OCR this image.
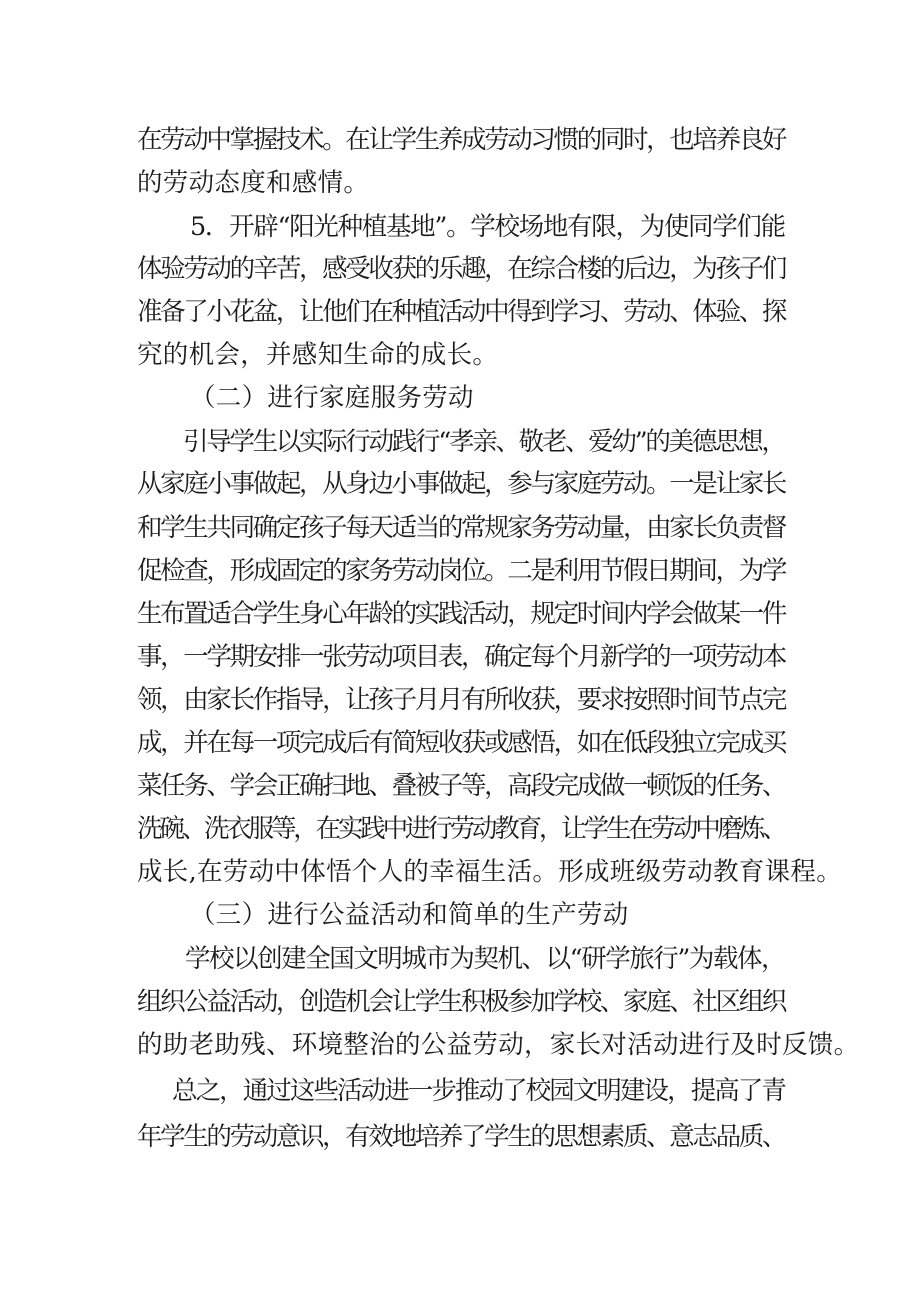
在劳动中掌握技术。在让学生养成劳动习惯的同时，也培养良好
的劳动态度和感情。
5．开辟“阳光种植基地”。学校场地有限，为使同学们能
体验劳动的辛苦，感受收获的乐趣，在综合楼的后边，为孩子们
准备了小花盆，让他们在种植活动中得到学习、劳动、体验、探
究的机会，并感知生命的成长。
（二）进行家庭服务劳动
引导学生以实际行动践行“孝亲、敬老、爱幼”的美德思想，
从家庭小事做起，从身边小事做起，参与家庭劳动。一是让家长
和学生共同确定孩子每天适当的常规家务劳动量，由家长负责督
促检查，形成固定的家务劳动岗位。二是利用节假日期间，为学
生布置适合学生身心年龄的实践活动，规定时间内学会做某一件
事，一学期安排一张劳动项目表，确定每个月新学的一项劳动本
领，由家长作指导，让孩子月月有所收获，要求按照时间节点完
成，并在每一项完成后有简短收获或感悟，如在低段独立完成买
菜任务、学会正确扫地、叠被子等，高段完成做一顿饭的任务、
洗碗、洗衣服等，在实践中进行劳动教育，让学生在劳动中磨炼、
成长,在劳动中体悟个人的幸福生活。形成班级劳动教育课程。
（三）进行公益活动和简单的生产劳动
学校以创建全国文明城市为契机、以“研学旅行”为载体，
组织公益活动，创造机会让学生积极参加学校、家庭、社区组织
的助老助残、环境整治的公益劳动，家长对活动进行及时反馈。
总之，通过这些活动进一步推动了校园文明建设，提高了青
年学生的劳动意识，有效地培养了学生的思想素质、意志品质、
